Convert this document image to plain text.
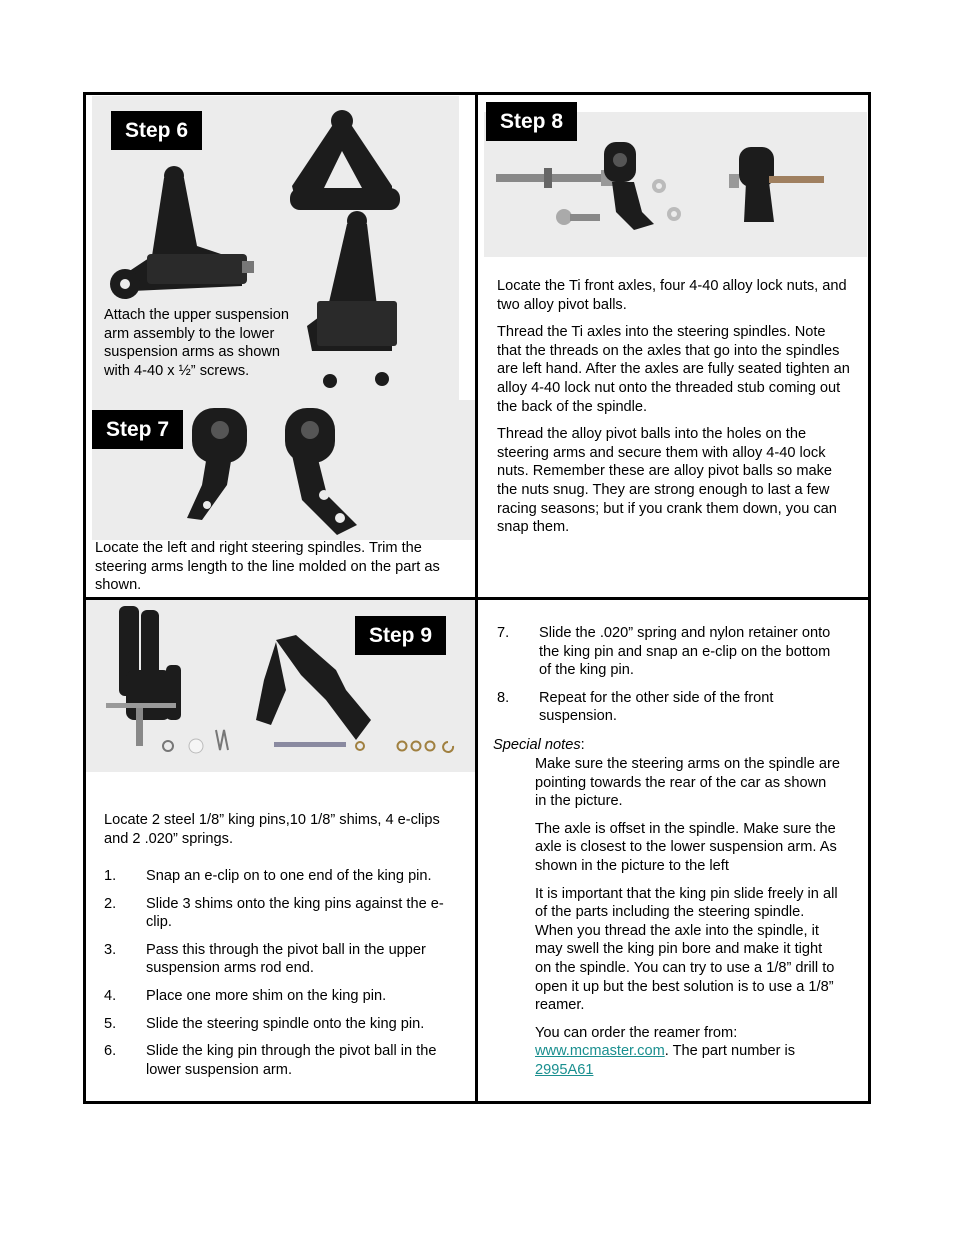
Step 6
Attach the upper suspension arm assembly to the lower suspension arms as shown with 4-40 x ½” screws.
Step 7
Locate the left and right steering spindles. Trim the steering arms length to the line molded on the part as shown.
Step 8

Locate the Ti front axles, four 4-40 alloy lock nuts, and two alloy pivot balls.

Thread the Ti axles into the steering spindles. Note that the threads on the axles that go into the spindles are left hand. After the axles are fully seated tighten an alloy 4-40 lock nut onto the threaded stub coming out the back of the spindle.

Thread the alloy pivot balls into the holes on the steering arms and secure them with alloy 4-40 lock nuts. Remember these are alloy pivot balls so make the nuts snug. They are strong enough to last a few racing seasons; but if you crank them down, you can snap them.

Step 9
Locate 2 steel 1/8” king pins,10 1/8” shims, 4 e-clips and 2 .020” springs.
1.	Snap an e-clip on to one end of the king pin.
2.	Slide 3 shims onto the king pins against the e-clip.
3.	Pass this through the pivot ball in the upper suspension arms rod end.
4.	Place one more shim on the king pin.
5.	Slide the steering spindle onto the king pin.
6.	Slide the king pin through the pivot ball in the lower suspension arm.
7.	Slide the .020” spring and nylon retainer onto the king pin and snap an e-clip on the bottom of the king pin.
8.	Repeat for the other side of the front suspension.
Special notes:

Make sure the steering arms on the spindle are pointing towards the rear of the car as shown in the picture.

The axle is offset in the spindle. Make sure the axle is closest to the lower suspension arm. As shown in the picture to the left

It is important that the king pin slide freely in all of the parts including the steering spindle. When you thread the axle into the spindle, it may swell the king pin bore and make it tight on the spindle. You can try to use a 1/8” drill to open it up but the best solution is to use a 1/8” reamer.

You can order the reamer from: www.mcmaster.com. The part number is 2995A61
